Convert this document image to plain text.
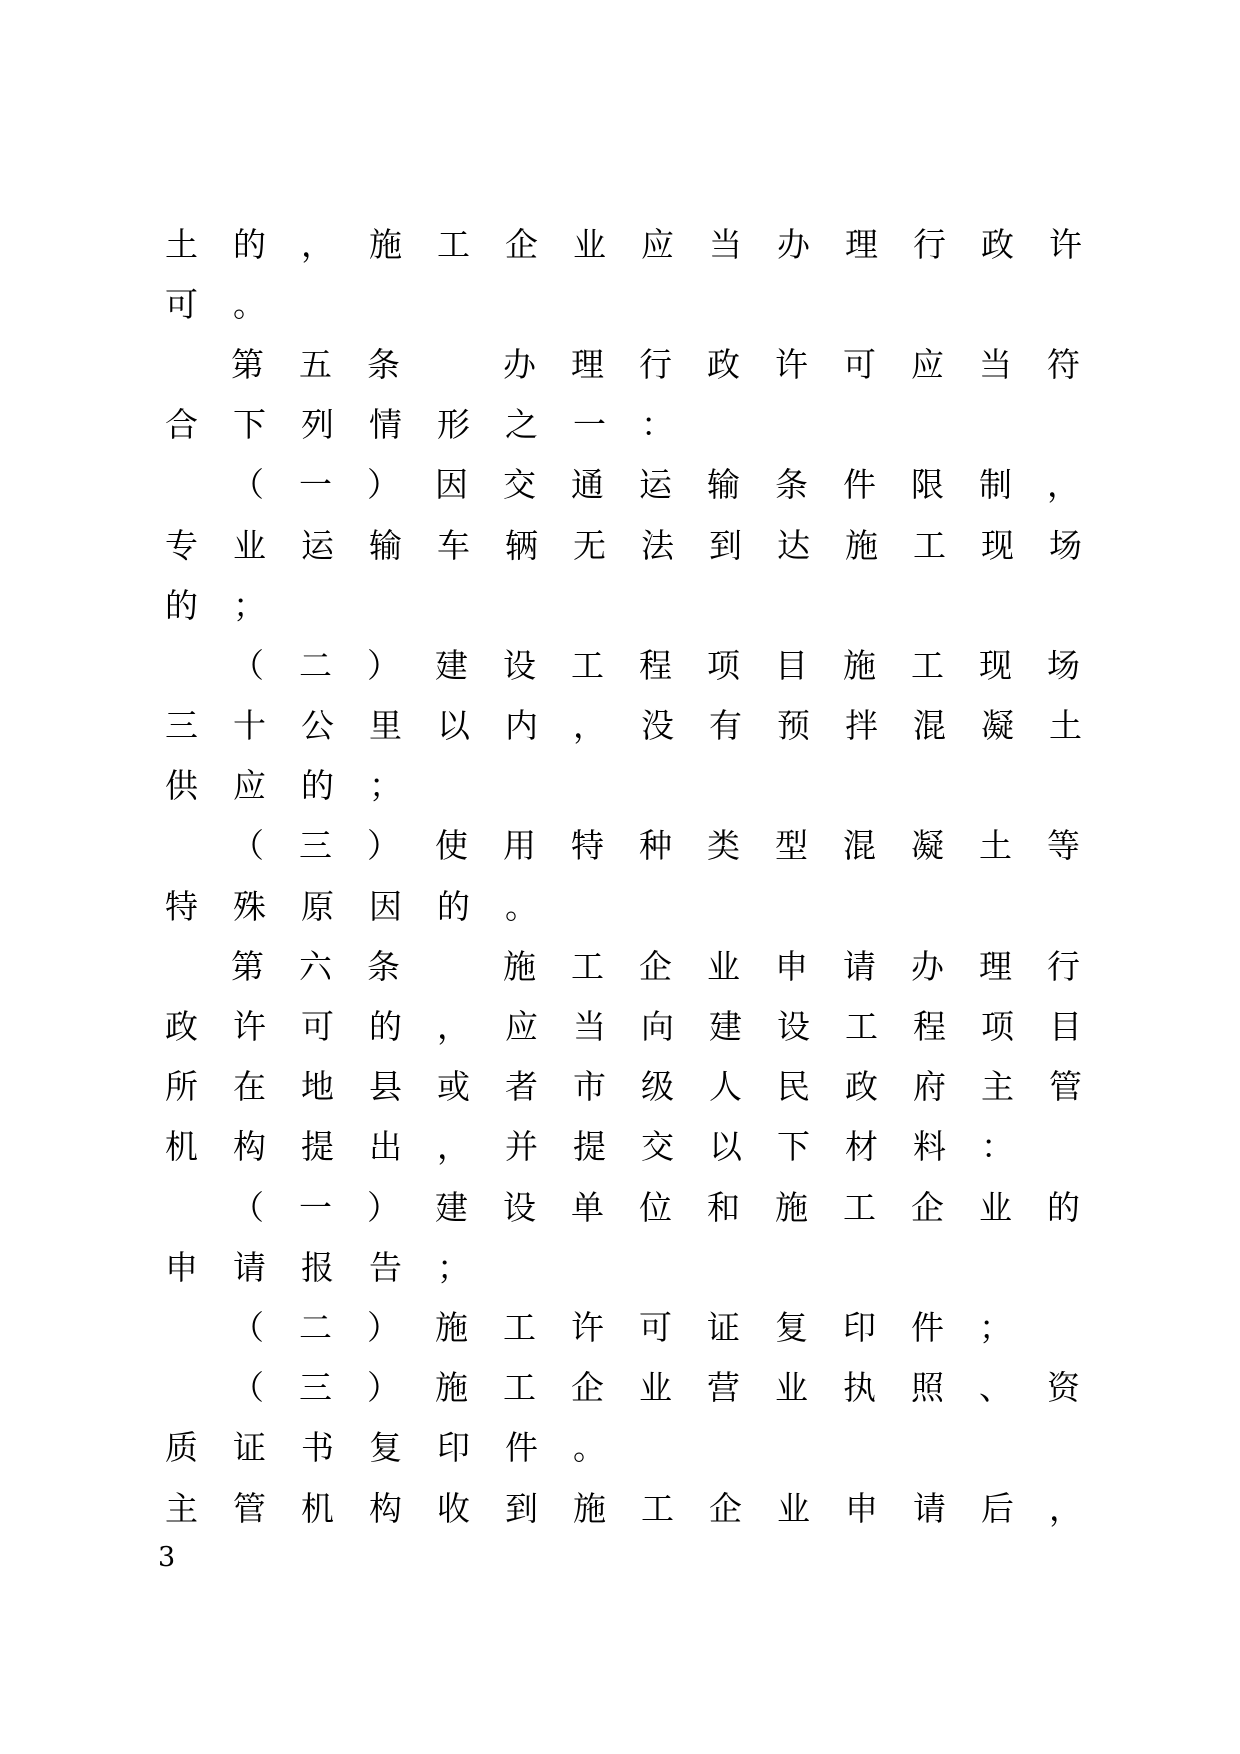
土 的 ， 施 工 企 业 应 当 办 理 行 政 许
可 。
第 五 条
　	办 理 行 政 许 可 应 当 符
合 下 列 情 形 之 一 ：
（ 一 ） 因 交 通 运 输 条 件 限 制 ，
专 业 运 输 车 辆 无 法 到 达 施 工 现 场
的 ；
（ 二 ） 建 设 工 程 项 目 施 工 现 场
三 十 公 里 以 内 ， 没 有 预 拌 混 凝 土
供 应 的 ；
（ 三 ） 使 用 特 种 类 型 混 凝 土 等
特 殊 原 因 的 。
第 六 条
　	施 工 企 业 申 请 办 理 行
政 许 可 的 ， 应 当 向 建 设 工 程 项 目
所 在 地 县 或 者 市 级 人 民 政 府 主 管
机 构 提 出 ， 并 提 交 以 下 材 料 ：
（ 一 ） 建 设 单 位 和 施 工 企 业 的
申 请 报 告 ；
（ 二 ） 施 工 许 可 证 复 印 件 ；
（ 三 ） 施 工 企 业 营 业 执 照 、 资
质 证 书 复 印 件 。
主 管 机 构 收 到 施 工 企 业 申 请 后 ，
3
